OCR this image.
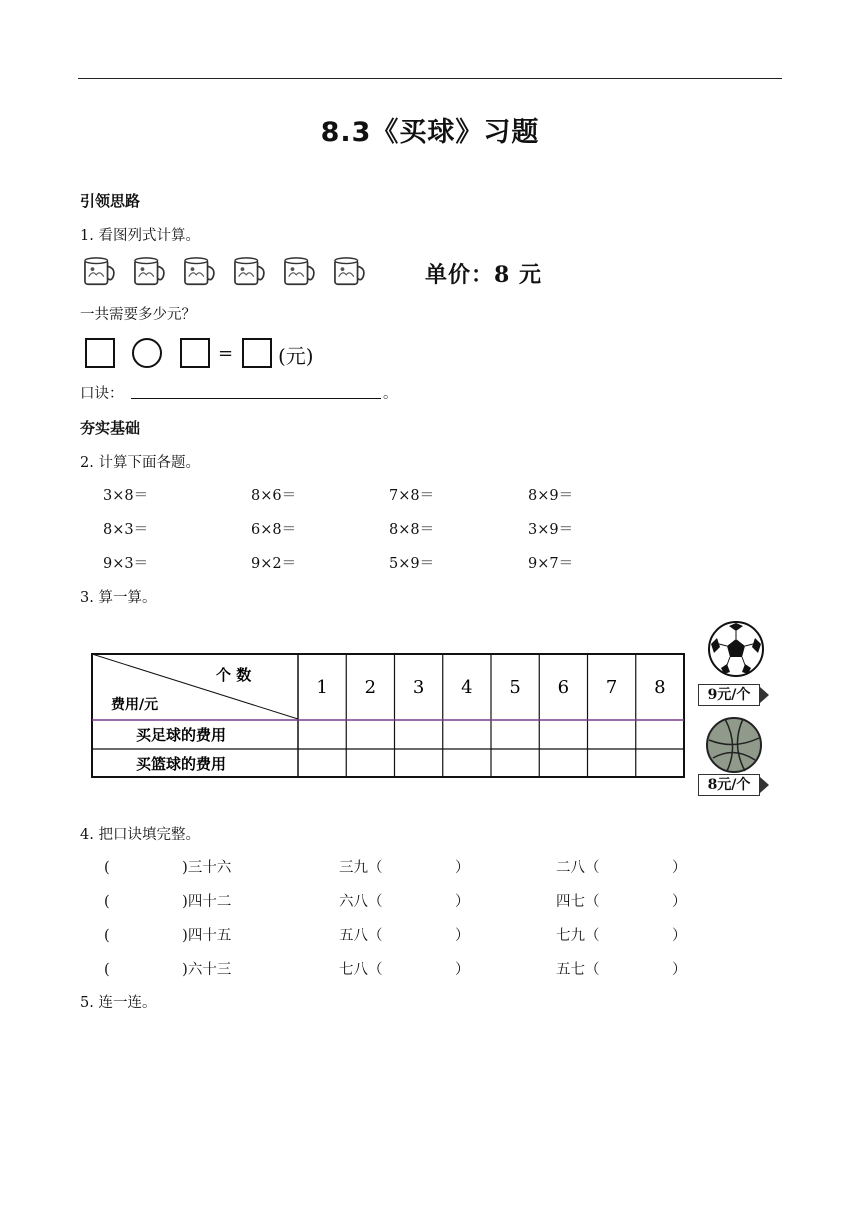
8.3《买球》习题
引领思路
1. 看图列式计算。
单价：8 元
一共需要多少元？
= (元)
口诀：	。
夯实基础
2. 计算下面各题。
3×8＝	8×6＝	7×8＝	8×9＝
8×3＝	6×8＝	8×8＝	3×9＝
9×3＝	9×2＝	5×9＝	9×7＝
3. 算一算。
个 数
费用/元
1 2 3 4 5 6 7 8
买足球的费用
买篮球的费用
9元/个
8元/个
4. 把口诀填完整。
(　　　　　)三十六	三九（　　　　　）	二八（　　　　　）
(　　　　　)四十二	六八（　　　　　）	四七（　　　　　）
(　　　　　)四十五	五八（　　　　　）	七九（　　　　　）
(　　　　　)六十三	七八（　　　　　）	五七（　　　　　）
5. 连一连。
